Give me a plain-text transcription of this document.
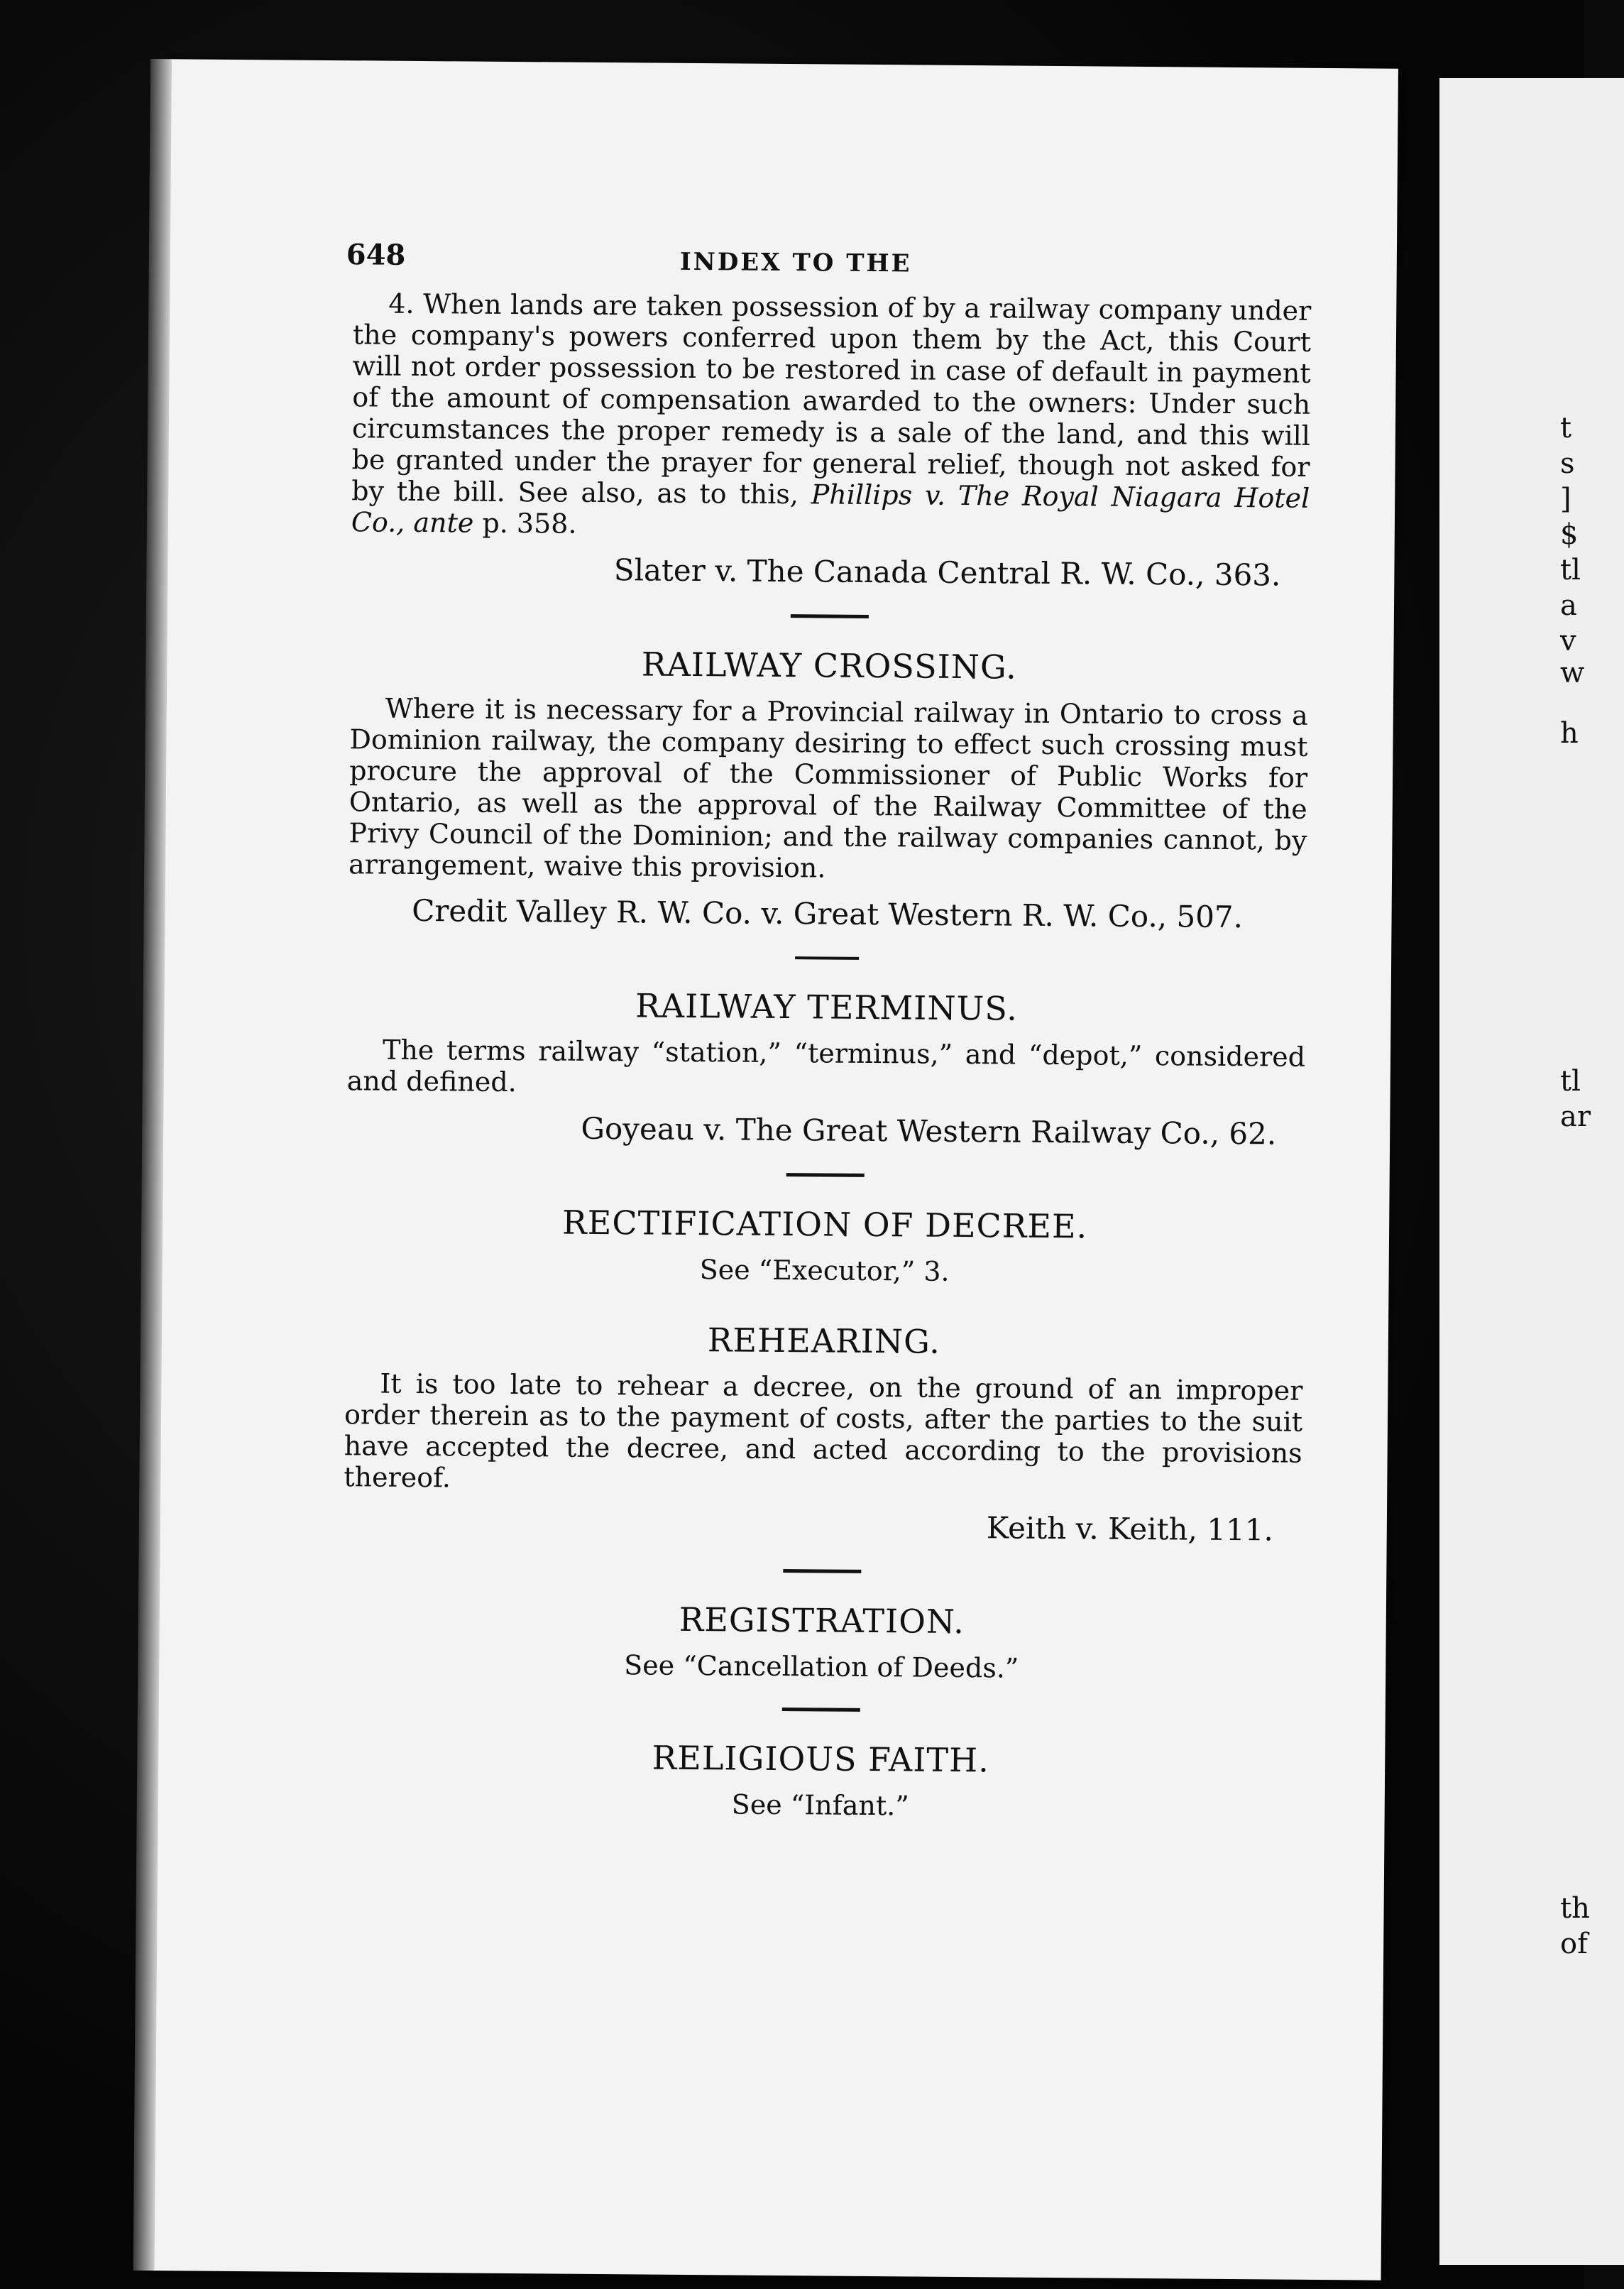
648	INDEX TO THE

4. When lands are taken possession of by a railway company under the company's powers conferred upon them by the Act, this Court will not order possession to be restored in case of default in payment of the amount of compensation awarded to the owners: Under such circumstances the proper remedy is a sale of the land, and this will be granted under the prayer for general relief, though not asked for by the bill. See also, as to this, Phillips v. The Royal Niagara Hotel Co., ante p. 358.

Slater v. The Canada Central R. W. Co., 363.
RAILWAY CROSSING.

Where it is necessary for a Provincial railway in Ontario to cross a Dominion railway, the company desiring to effect such crossing must procure the approval of the Commissioner of Public Works for Ontario, as well as the approval of the Railway Committee of the Privy Council of the Dominion; and the railway companies cannot, by arrangement, waive this provision.

Credit Valley R. W. Co. v. Great Western R. W. Co., 507.
RAILWAY TERMINUS.

The terms railway “station,” “terminus,” and “depot,” considered and defined.

Goyeau v. The Great Western Railway Co., 62.
RECTIFICATION OF DECREE.

See “Executor,” 3.

REHEARING.

It is too late to rehear a decree, on the ground of an improper order therein as to the payment of costs, after the parties to the suit have accepted the decree, and acted according to the provisions thereof.

Keith v. Keith, 111.
REGISTRATION.

See “Cancellation of Deeds.”

RELIGIOUS FAITH.

See “Infant.”

t
s
]
$
tl
a
v
w
h
tl
ar
th
of
